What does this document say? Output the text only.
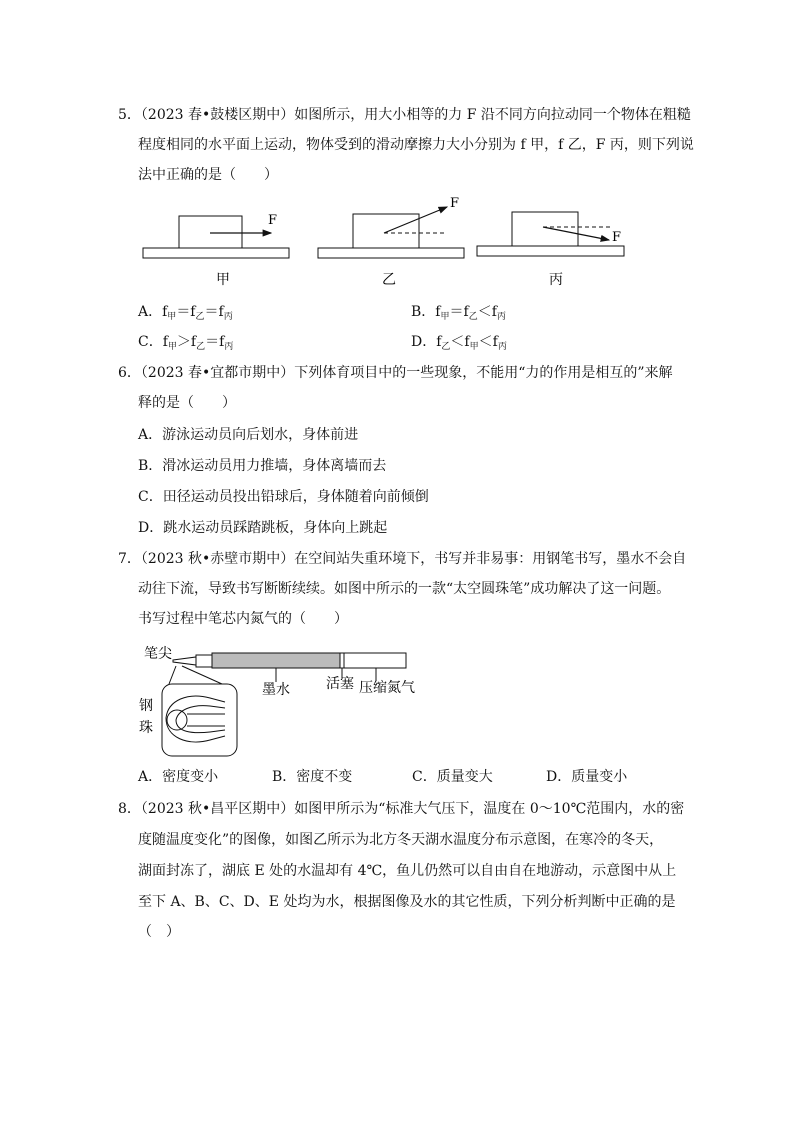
5．（2023 春•鼓楼区期中）如图所示，用大小相等的力 F 沿不同方向拉动同一个物体在粗糙
程度相同的水平面上运动，物体受到的滑动摩擦力大小分别为 f 甲，f 乙，F 丙，则下列说
法中正确的是（　　）
F
F
F
甲	乙	丙
A．$f_甲=f_乙=f_丙$	B．$f_甲=f_乙<f_丙$
C．$f_甲>f_乙=f_丙$	D．$f_乙<f_甲<f_丙$
6．（2023 春•宜都市期中）下列体育项目中的一些现象，不能用“力的作用是相互的”来解
释的是（　　）
A．游泳运动员向后划水，身体前进
B．滑冰运动员用力推墙，身体离墙而去
C．田径运动员投出铅球后，身体随着向前倾倒
D．跳水运动员踩踏跳板，身体向上跳起
7．（2023 秋•赤壁市期中）在空间站失重环境下，书写并非易事：用钢笔书写，墨水不会自
动往下流，导致书写断断续续。如图中所示的一款“太空圆珠笔”成功解决了这一问题。
书写过程中笔芯内氮气的（　　）
笔尖
墨水	活塞 压缩氮气
钢
珠
A．密度变小	B．密度不变	C．质量变大	D．质量变小
8．（2023 秋•昌平区期中）如图甲所示为“标准大气压下，温度在 0～10℃范围内，水的密
度随温度变化”的图像，如图乙所示为北方冬天湖水温度分布示意图，在寒冷的冬天，
湖面封冻了，湖底 E 处的水温却有 4℃，鱼儿仍然可以自由自在地游动，示意图中从上
至下 A、B、C、D、E 处均为水，根据图像及水的其它性质，下列分析判断中正确的是
（　）
